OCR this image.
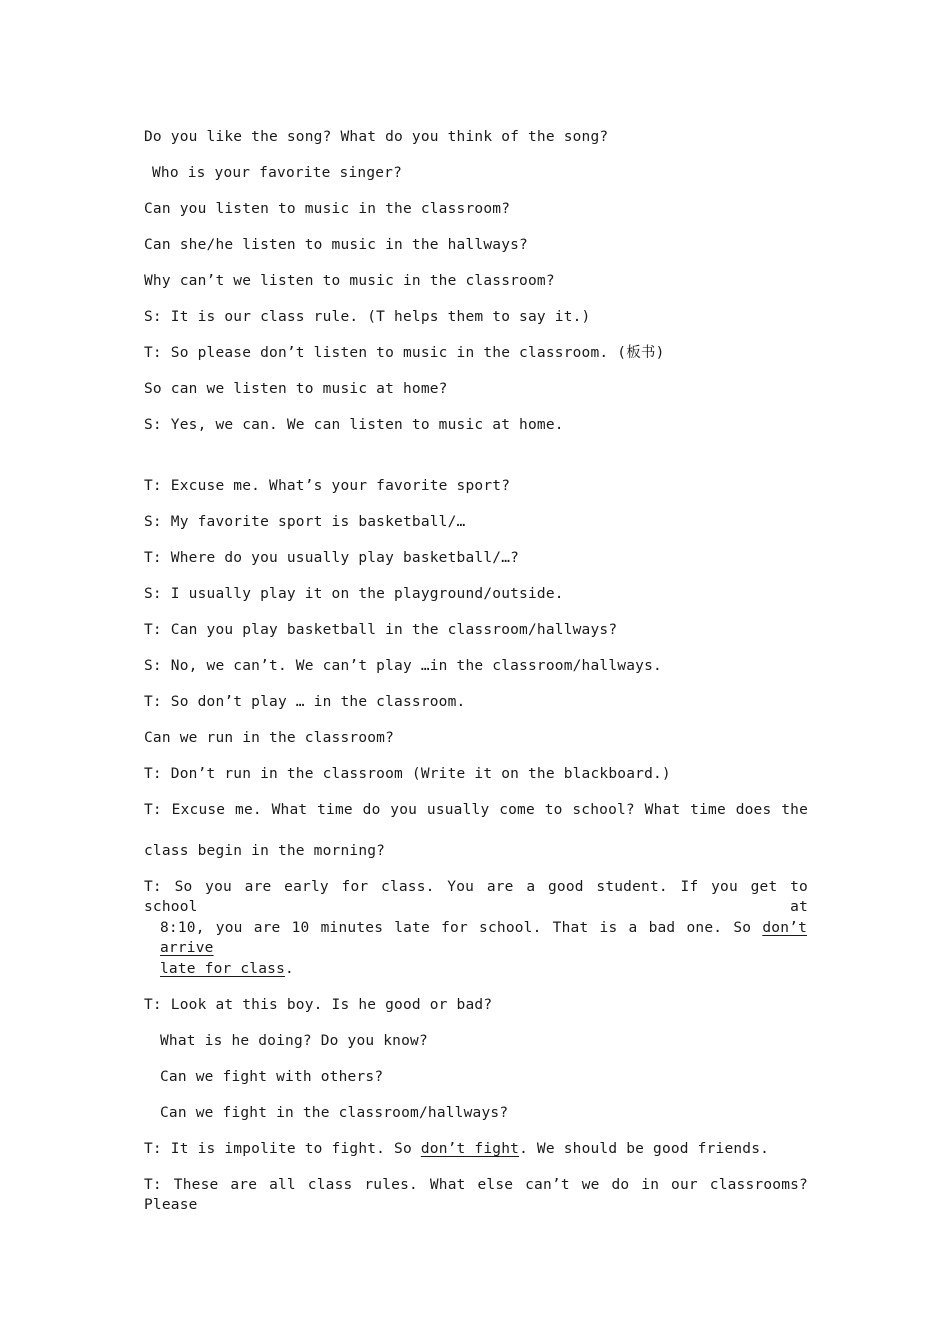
Do you like the song? What do you think of the song?
Who is your favorite singer?
Can you listen to music in the classroom?
Can she/he listen to music in the hallways?
Why can’t we listen to music in the classroom?
S: It is our class rule. (T helps them to say it.)
T: So please don’t listen to music in the classroom. (板书)
So can we listen to music at home?
S: Yes, we can. We can listen to music at home.
T: Excuse me. What’s your favorite sport?
S: My favorite sport is basketball/…
T: Where do you usually play basketball/…?
S: I usually play it on the playground/outside.
T: Can you play basketball in the classroom/hallways?
S: No, we can’t. We can’t play …in the classroom/hallways.
T: So don’t play … in the classroom.
Can we run in the classroom?
T: Don’t run in the classroom (Write it on the blackboard.)
T: Excuse me. What time do you usually come to school? What time does the
class begin in the morning?
T: So you are early for class. You are a good student. If you get to school at
8:10, you are 10 minutes late for school. That is a bad one. So don’t arrive
late for class.
T: Look at this boy. Is he good or bad?
What is he doing? Do you know?
Can we fight with others?
Can we fight in the classroom/hallways?
T: It is impolite to fight. So don’t fight. We should be good friends.
T: These are all class rules. What else can’t we do in our classrooms? Please
